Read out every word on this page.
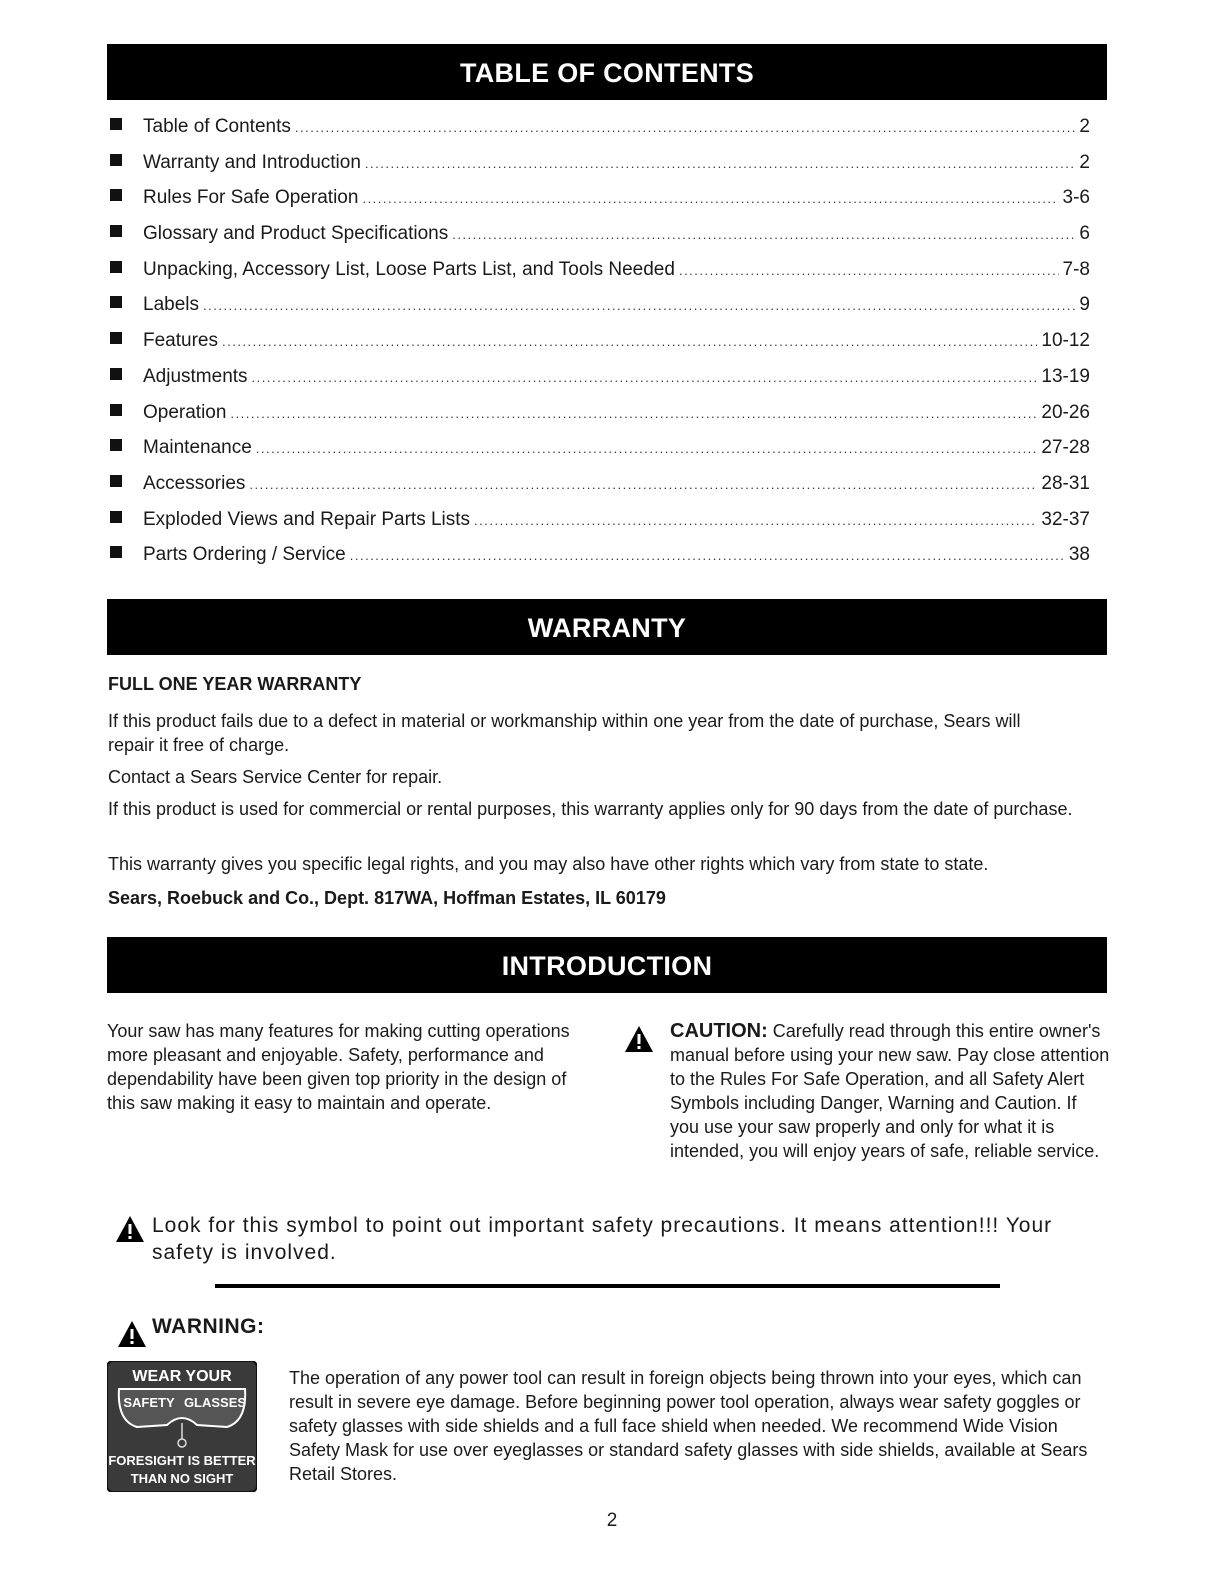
TABLE OF CONTENTS
Table of Contents .....	2
Warranty and Introduction .....	2
Rules For Safe Operation .....	3-6
Glossary and Product Specifications .....	6
Unpacking, Accessory List, Loose Parts List, and Tools Needed .....	7-8
Labels .....	9
Features .....	10-12
Adjustments .....	13-19
Operation .....	20-26
Maintenance .....	27-28
Accessories .....	28-31
Exploded Views and Repair Parts Lists .....	32-37
Parts Ordering / Service .....	38
WARRANTY
FULL ONE YEAR WARRANTY
If this product fails due to a defect in material or workmanship within one year from the date of purchase, Sears will repair it free of charge.
Contact a Sears Service Center for repair.
If this product is used for commercial or rental purposes, this warranty applies only for 90 days from the date of purchase.
This warranty gives you specific legal rights, and you may also have other rights which vary from state to state.
Sears, Roebuck and Co., Dept. 817WA, Hoffman Estates, IL 60179
INTRODUCTION
Your saw has many features for making cutting operations more pleasant and enjoyable. Safety, performance and dependability have been given top priority in the design of this saw making it easy to maintain and operate.
CAUTION: Carefully read through this entire owner's manual before using your new saw. Pay close attention to the Rules For Safe Operation, and all Safety Alert Symbols including Danger, Warning and Caution. If you use your saw properly and only for what it is intended, you will enjoy years of safe, reliable service.
Look for this symbol to point out important safety precautions. It means attention!!! Your safety is involved.
WARNING:
WEAR YOUR
SAFETY GLASSES
FORESIGHT IS BETTER
THAN NO SIGHT
The operation of any power tool can result in foreign objects being thrown into your eyes, which can result in severe eye damage. Before beginning power tool operation, always wear safety goggles or safety glasses with side shields and a full face shield when needed. We recommend Wide Vision Safety Mask for use over eyeglasses or standard safety glasses with side shields, available at Sears Retail Stores.
2
